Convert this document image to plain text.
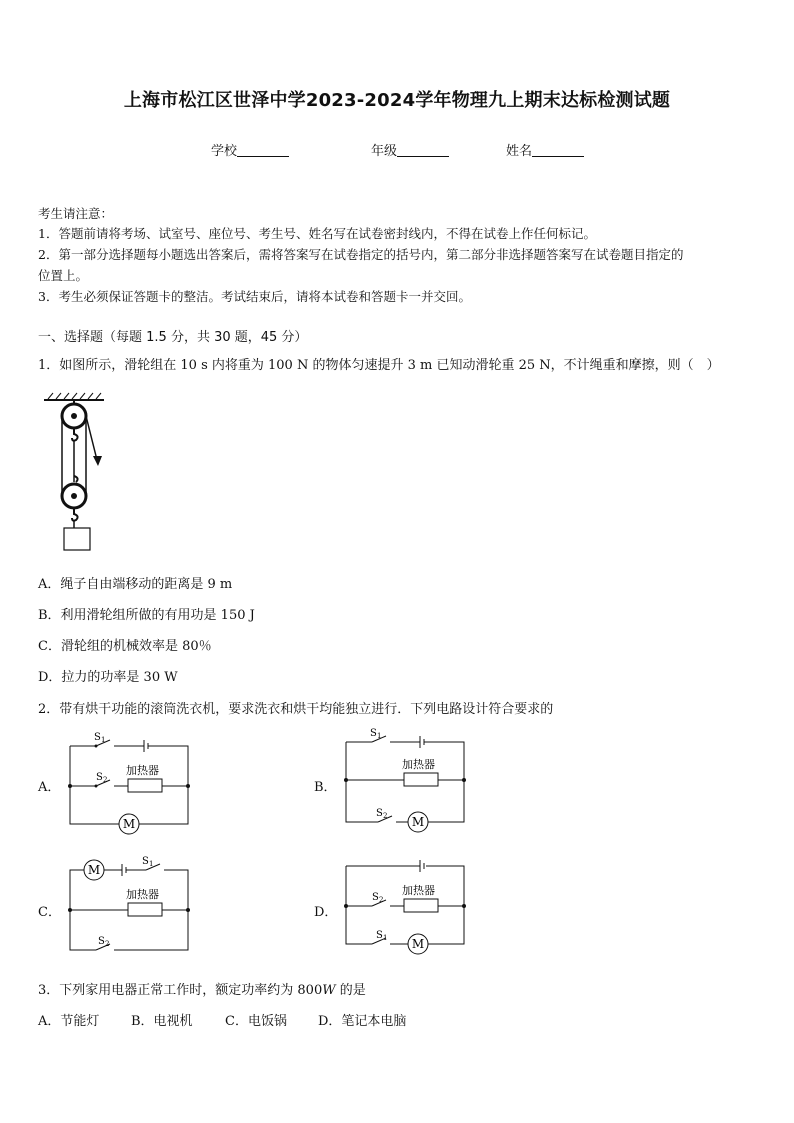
上海市松江区世泽中学2023-2024学年物理九上期末达标检测试题
学校	年级	姓名
考生请注意：
1．答题前请将考场、试室号、座位号、考生号、姓名写在试卷密封线内，不得在试卷上作任何标记。
2．第一部分选择题每小题选出答案后，需将答案写在试卷指定的括号内，第二部分非选择题答案写在试卷题目指定的
位置上。
3．考生必须保证答题卡的整洁。考试结束后，请将本试卷和答题卡一并交回。
一、选择题（每题 1.5 分，共 30 题，45 分）
1．如图所示，滑轮组在 10 s 内将重为 100 N 的物体匀速提升 3 m 已知动滑轮重 25 N，不计绳重和摩擦，则（　）
A．绳子自由端移动的距离是 9 m
B．利用滑轮组所做的有用功是 150 J
C．滑轮组的机械效率是 80％
D．拉力的功率是 30 W
2．带有烘干功能的滚筒洗衣机，要求洗衣和烘干均能独立进行．下列电路设计符合要求的
A．
M
S 1
S 2
加热器
B．
M
S 1
S 2
加热器
C．
M
S 1
S 2
加热器
D．
M
S 2
S 1
加热器
3．下列家用电器正常工作时，额定功率约为 800W 的是
A．节能灯 B．电视机 C．电饭锅 D．笔记本电脑
